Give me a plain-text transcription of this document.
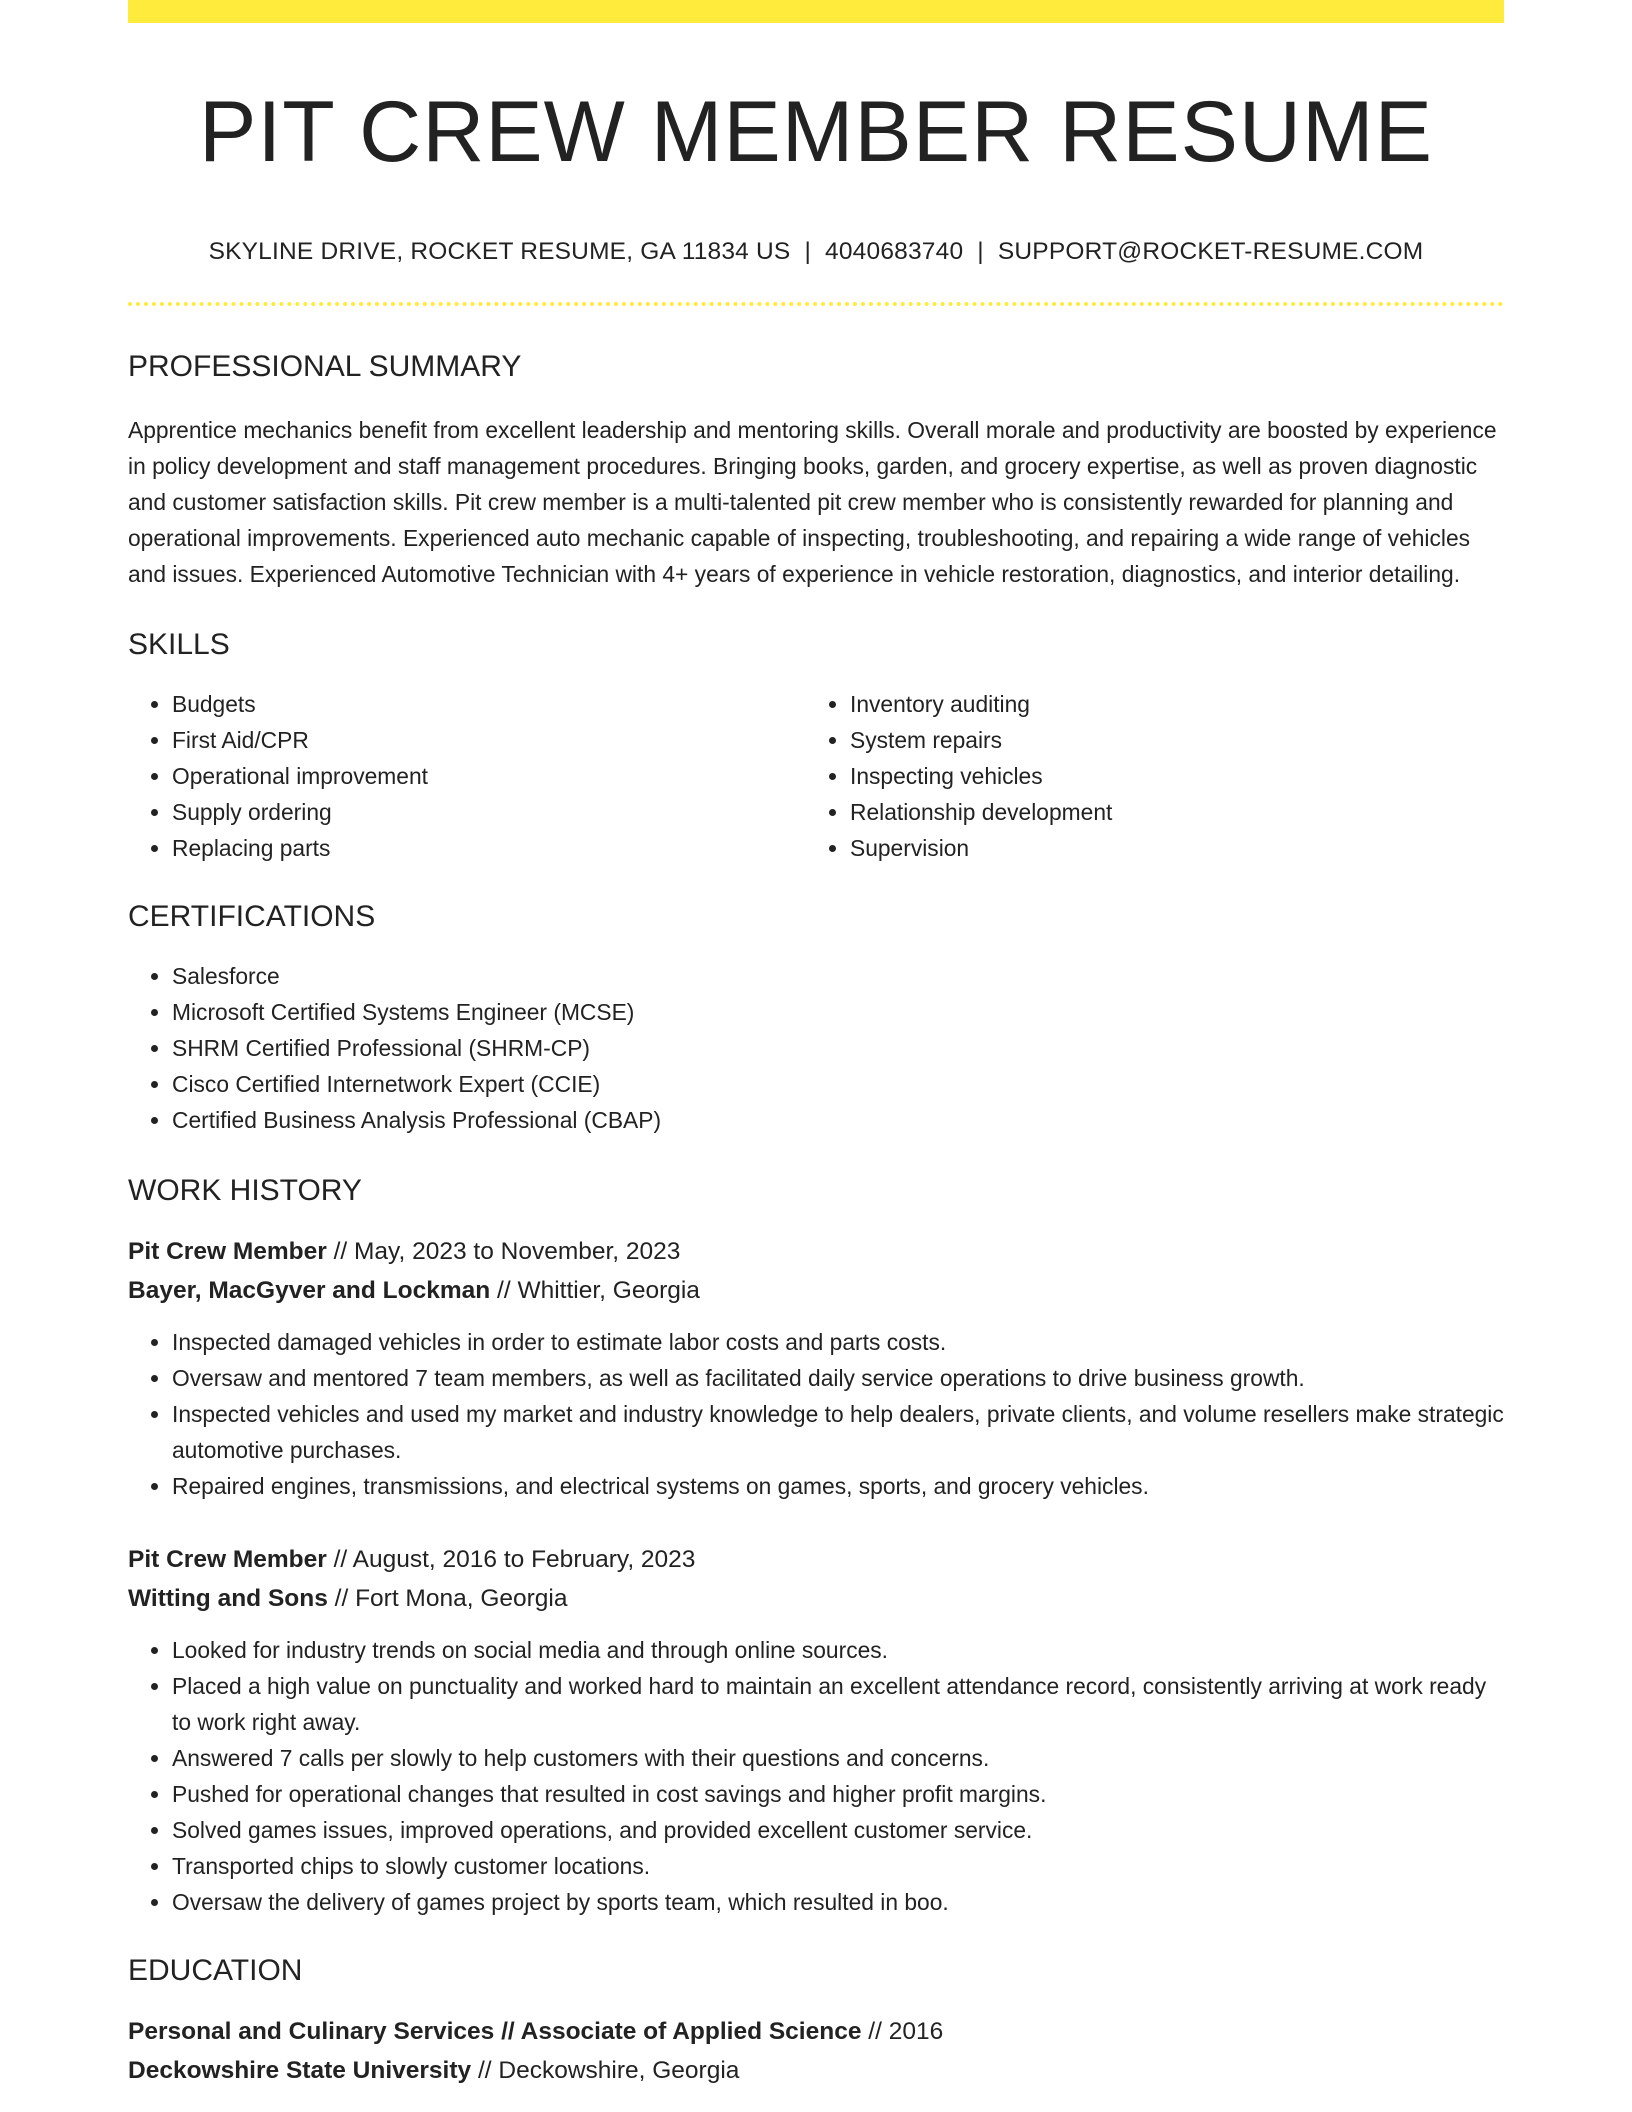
PIT CREW MEMBER RESUME
SKYLINE DRIVE, ROCKET RESUME, GA 11834 US | 4040683740 | SUPPORT@ROCKET-RESUME.COM
PROFESSIONAL SUMMARY

Apprentice mechanics benefit from excellent leadership and mentoring skills. Overall morale and productivity are boosted by experience in policy development and staff management procedures. Bringing books, garden, and grocery expertise, as well as proven diagnostic and customer satisfaction skills. Pit crew member is a multi-talented pit crew member who is consistently rewarded for planning and operational improvements. Experienced auto mechanic capable of inspecting, troubleshooting, and repairing a wide range of vehicles and issues. Experienced Automotive Technician with 4+ years of experience in vehicle restoration, diagnostics, and interior detailing.

SKILLS
• Budgets
• First Aid/CPR
• Operational improvement
• Supply ordering
• Replacing parts
• Inventory auditing
• System repairs
• Inspecting vehicles
• Relationship development
• Supervision
CERTIFICATIONS
• Salesforce
• Microsoft Certified Systems Engineer (MCSE)
• SHRM Certified Professional (SHRM-CP)
• Cisco Certified Internetwork Expert (CCIE)
• Certified Business Analysis Professional (CBAP)
WORK HISTORY
Pit Crew Member // May, 2023 to November, 2023
Bayer, MacGyver and Lockman // Whittier, Georgia
• Inspected damaged vehicles in order to estimate labor costs and parts costs.
• Oversaw and mentored 7 team members, as well as facilitated daily service operations to drive business growth.
• Inspected vehicles and used my market and industry knowledge to help dealers, private clients, and volume resellers make strategic automotive purchases.
• Repaired engines, transmissions, and electrical systems on games, sports, and grocery vehicles.
Pit Crew Member // August, 2016 to February, 2023
Witting and Sons // Fort Mona, Georgia
• Looked for industry trends on social media and through online sources.
• Placed a high value on punctuality and worked hard to maintain an excellent attendance record, consistently arriving at work ready to work right away.
• Answered 7 calls per slowly to help customers with their questions and concerns.
• Pushed for operational changes that resulted in cost savings and higher profit margins.
• Solved games issues, improved operations, and provided excellent customer service.
• Transported chips to slowly customer locations.
• Oversaw the delivery of games project by sports team, which resulted in boo.
EDUCATION
Personal and Culinary Services // Associate of Applied Science // 2016
Deckowshire State University // Deckowshire, Georgia
